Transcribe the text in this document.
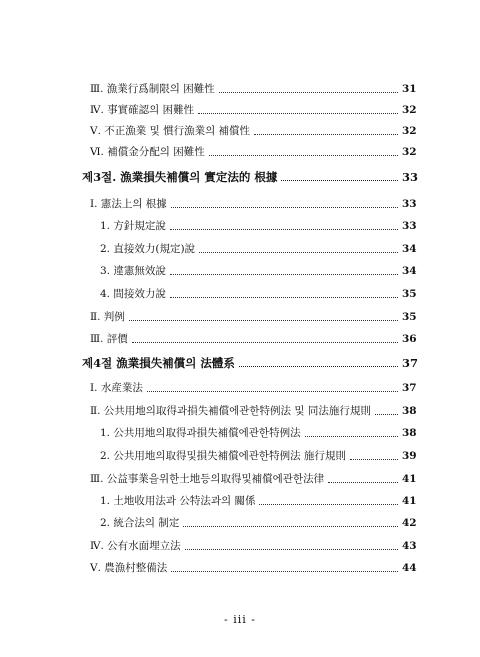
Ⅲ. 漁業行爲制限의 困難性	31
Ⅳ. 事實確認의 困難性	32
Ⅴ. 不正漁業 및 慣行漁業의 補償性	32
Ⅵ. 補償金分配의 困難性	32
제3절. 漁業損失補償의 實定法的 根據	33
Ⅰ. 憲法上의 根據	33
1. 方針規定說	33
2. 直接效力(規定)說	34
3. 違憲無效說	34
4. 間接效力說	35
Ⅱ. 判例	35
Ⅲ. 評價	36
제4절 漁業損失補償의 法體系	37
Ⅰ. 水産業法	37
Ⅱ. 公共用地의取得과損失補償에관한特例法 및 同法施行規則	38
1. 公共用地의取得과損失補償에관한特例法	38
2. 公共用地의取得및損失補償에관한特例法 施行規則	39
Ⅲ. 公益事業을위한土地등의取得및補償에관한法律	41
1. 土地收用法과 公特法과의 關係	41
2. 統合法의 制定	42
Ⅳ. 公有水面埋立法	43
Ⅴ. 農漁村整備法	44
- iii -
